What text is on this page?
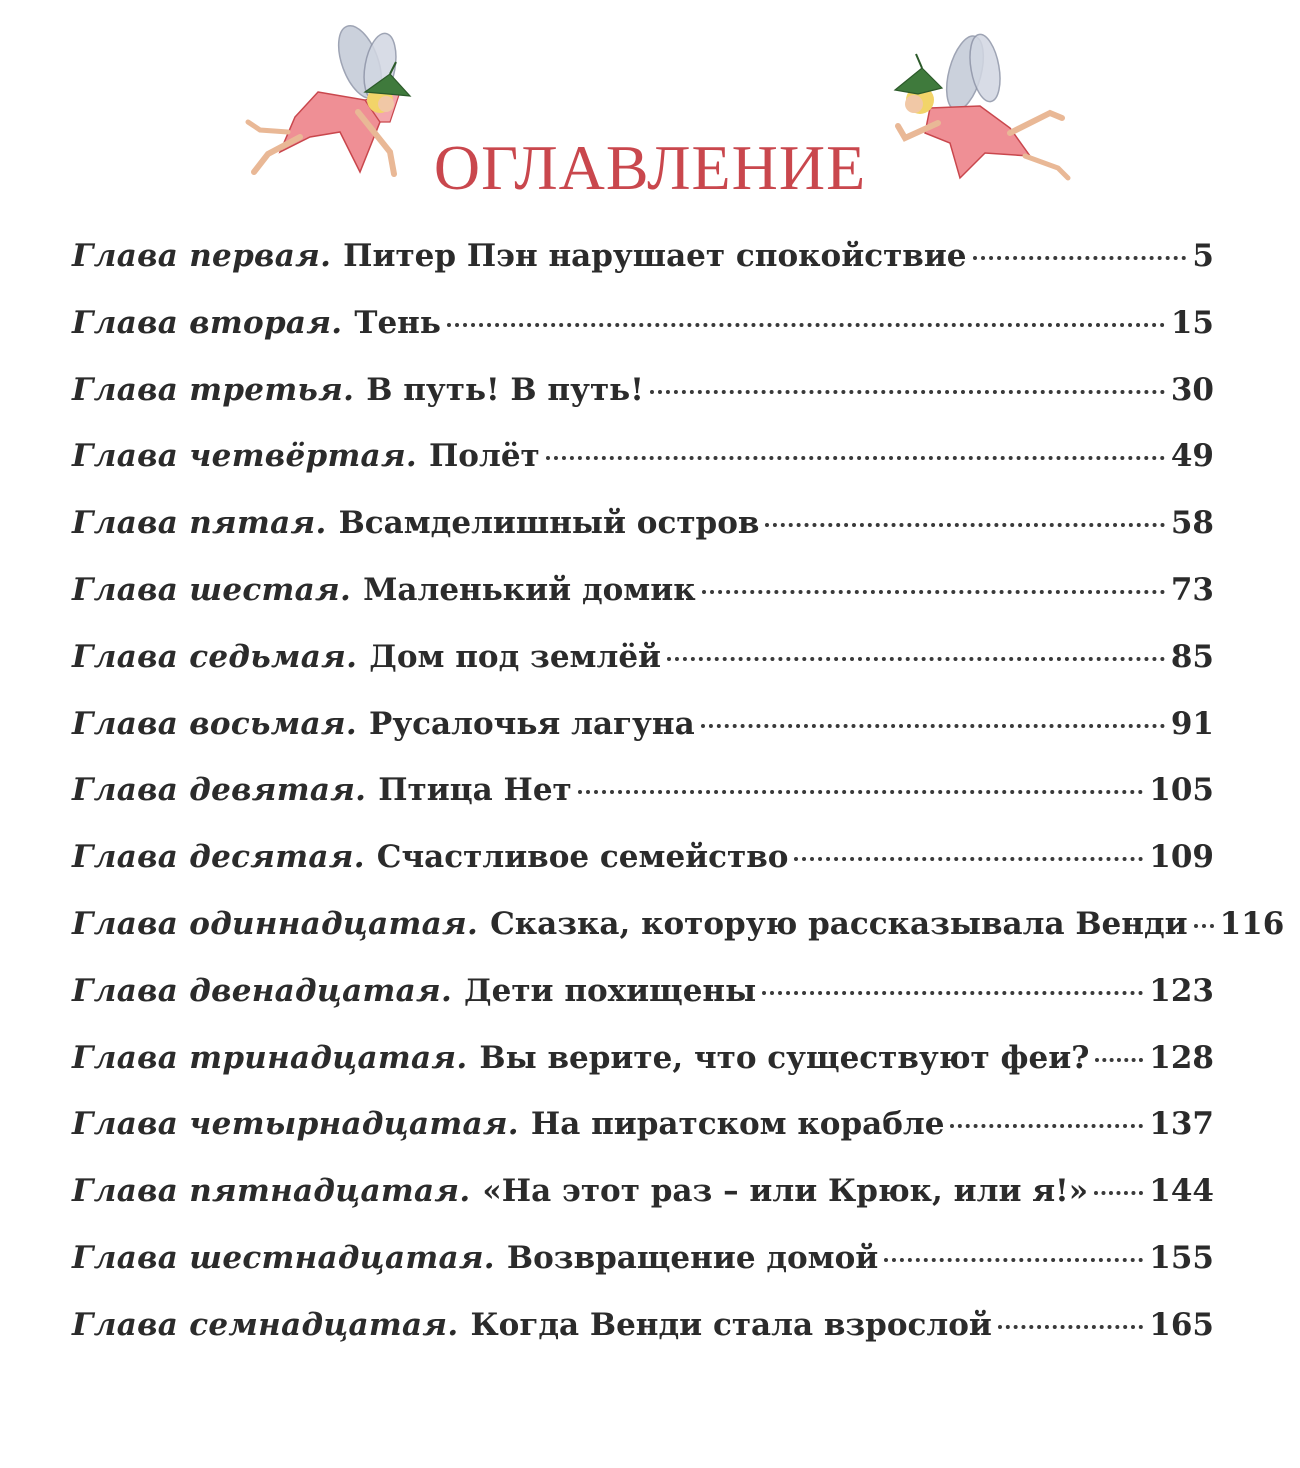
ОГЛАВЛЕНИЕ
Глава первая. Питер Пэн нарушает спокойствие	5
Глава вторая. Тень	15
Глава третья. В путь! В путь!	30
Глава четвёртая. Полёт	49
Глава пятая. Всамделишный остров	58
Глава шестая. Маленький домик	73
Глава седьмая. Дом под землёй	85
Глава восьмая. Русалочья лагуна	91
Глава девятая. Птица Нет	105
Глава десятая. Счастливое семейство	109
Глава одиннадцатая. Сказка, которую рассказывала Венди 116
Глава двенадцатая. Дети похищены	123
Глава тринадцатая. Вы верите, что существуют феи? 128
Глава четырнадцатая. На пиратском корабле	137
Глава пятнадцатая. «На этот раз – или Крюк, или я!» 144
Глава шестнадцатая. Возвращение домой	155
Глава семнадцатая. Когда Венди стала взрослой	165
